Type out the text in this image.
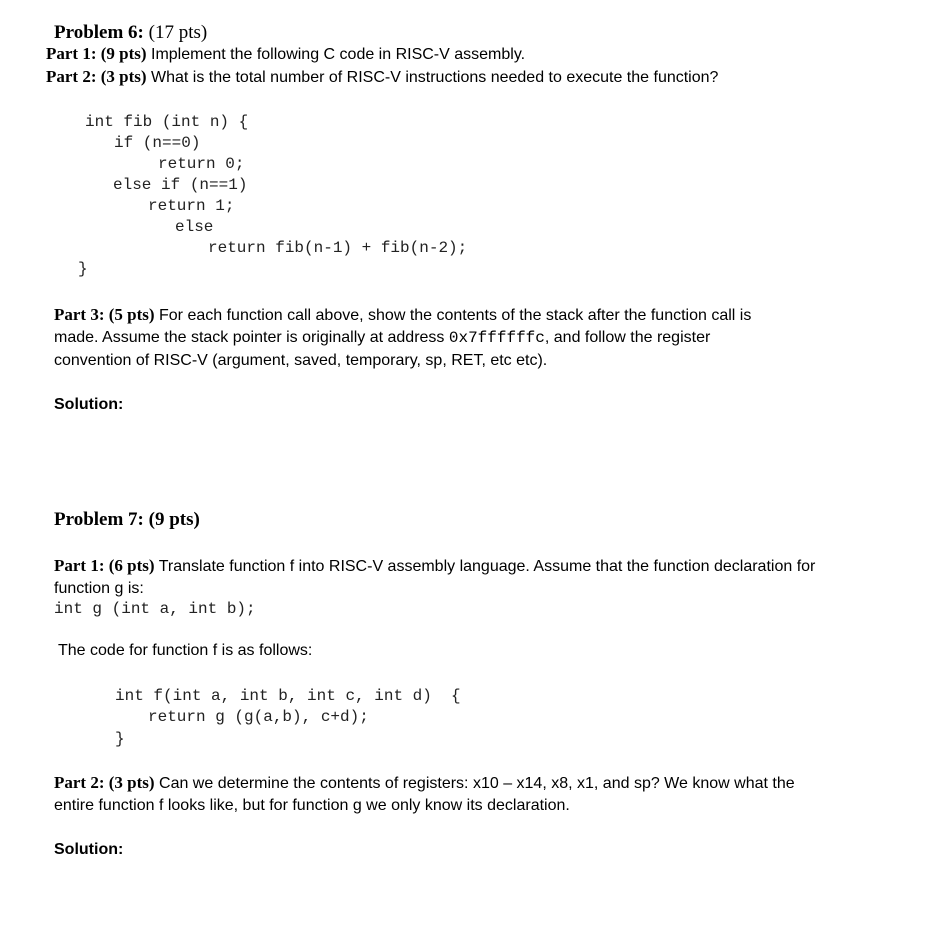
Problem 6: (17 pts)
Part 1: (9 pts) Implement the following C code in RISC-V assembly.
Part 2: (3 pts) What is the total number of RISC-V instructions needed to execute the function?
int fib (int n) {
if (n==0)
return 0;
else if (n==1)
return 1;
else
return fib(n-1) + fib(n-2);
}
Part 3: (5 pts) For each function call above, show the contents of the stack after the function call is
made. Assume the stack pointer is originally at address 0x7ffffffc, and follow the register
convention of RISC-V (argument, saved, temporary, sp, RET, etc etc).
Solution:
Problem 7: (9 pts)
Part 1: (6 pts) Translate function f into RISC-V assembly language. Assume that the function declaration for
function g is:
int g (int a, int b);
The code for function f is as follows:
int f(int a, int b, int c, int d)  {
return g (g(a,b), c+d);
}
Part 2: (3 pts) Can we determine the contents of registers: x10 – x14, x8, x1, and sp? We know what the
entire function f looks like, but for function g we only know its declaration.
Solution:
